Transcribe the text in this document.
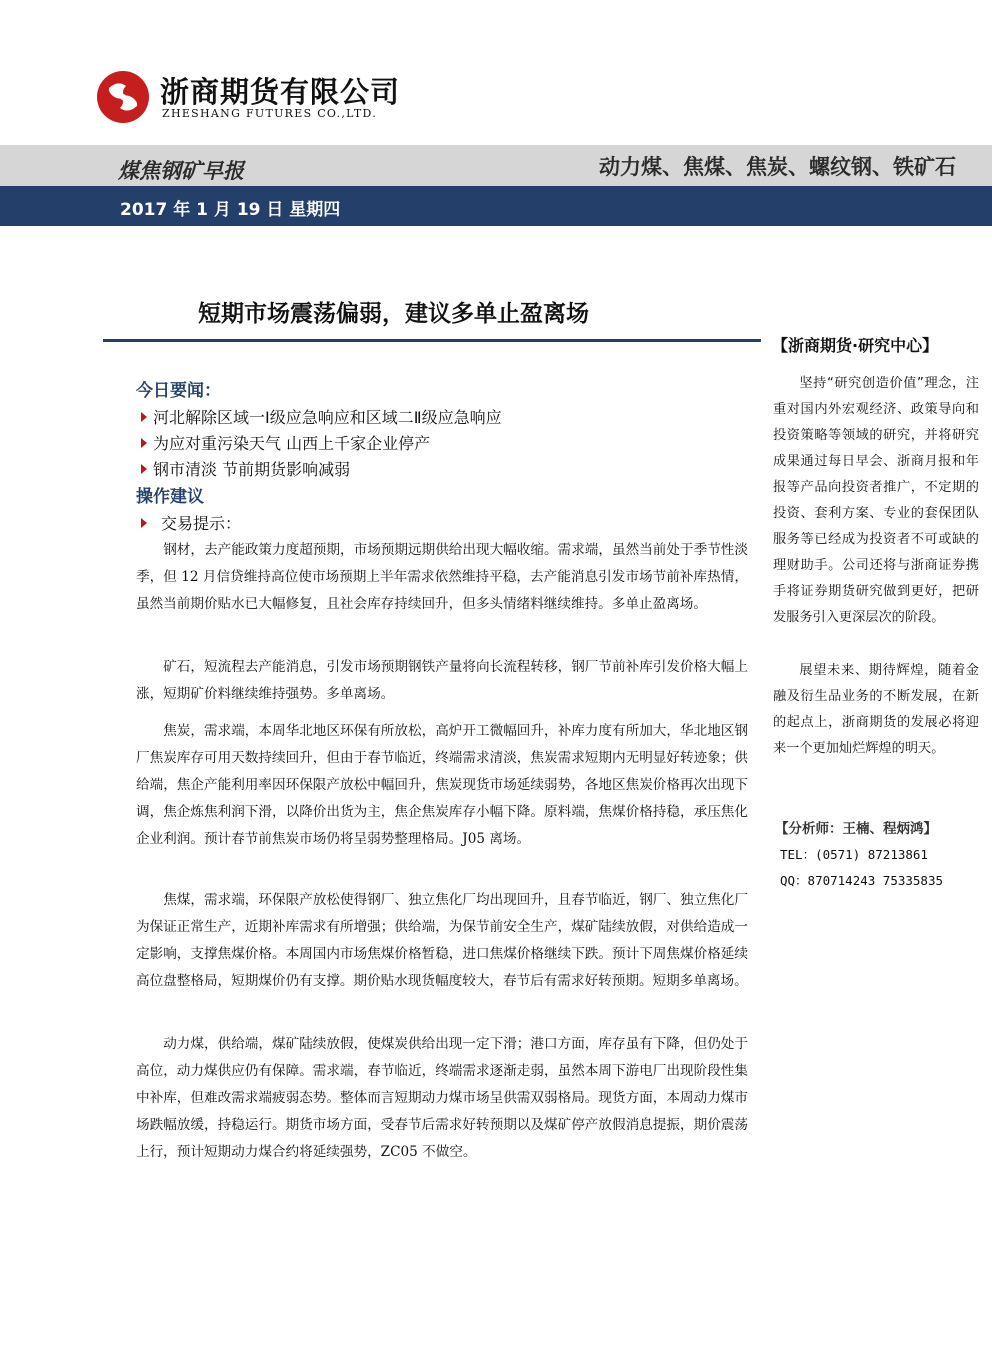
浙商期货有限公司
ZHESHANG FUTURES CO.,LTD.
煤焦钢矿早报	动力煤、焦煤、焦炭、螺纹钢、铁矿石
2017 年 1 月 19 日 星期四
短期市场震荡偏弱，建议多单止盈离场
【浙商期货·研究中心】
今日要闻：
河北解除区域一Ⅰ级应急响应和区域二Ⅱ级应急响应
为应对重污染天气 山西上千家企业停产
钢市清淡 节前期货影响减弱
操作建议
交易提示：

钢材，去产能政策力度超预期，市场预期远期供给出现大幅收缩。需求端，虽然当前处于季节性淡季，但 12 月信贷维持高位使市场预期上半年需求依然维持平稳，去产能消息引发市场节前补库热情，虽然当前期价贴水已大幅修复，且社会库存持续回升，但多头情绪料继续维持。多单止盈离场。

矿石，短流程去产能消息，引发市场预期钢铁产量将向长流程转移，钢厂节前补库引发价格大幅上涨，短期矿价料继续维持强势。多单离场。

焦炭，需求端，本周华北地区环保有所放松，高炉开工微幅回升，补库力度有所加大，华北地区钢厂焦炭库存可用天数持续回升，但由于春节临近，终端需求清淡，焦炭需求短期内无明显好转迹象；供给端，焦企产能利用率因环保限产放松中幅回升，焦炭现货市场延续弱势，各地区焦炭价格再次出现下调，焦企炼焦利润下滑，以降价出货为主，焦企焦炭库存小幅下降。原料端，焦煤价格持稳，承压焦化企业利润。预计春节前焦炭市场仍将呈弱势整理格局。J05 离场。

焦煤，需求端，环保限产放松使得钢厂、独立焦化厂均出现回升，且春节临近，钢厂、独立焦化厂为保证正常生产，近期补库需求有所增强；供给端，为保节前安全生产，煤矿陆续放假，对供给造成一定影响，支撑焦煤价格。本周国内市场焦煤价格暂稳，进口焦煤价格继续下跌。预计下周焦煤价格延续高位盘整格局，短期煤价仍有支撑。期价贴水现货幅度较大，春节后有需求好转预期。短期多单离场。

动力煤，供给端，煤矿陆续放假，使煤炭供给出现一定下滑；港口方面，库存虽有下降，但仍处于高位，动力煤供应仍有保障。需求端，春节临近，终端需求逐渐走弱，虽然本周下游电厂出现阶段性集中补库，但难改需求端疲弱态势。整体而言短期动力煤市场呈供需双弱格局。现货方面，本周动力煤市场跌幅放缓，持稳运行。期货市场方面，受春节后需求好转预期以及煤矿停产放假消息提振，期价震荡上行，预计短期动力煤合约将延续强势，ZC05 不做空。

坚持“研究创造价值”理念，注重对国内外宏观经济、政策导向和投资策略等领域的研究，并将研究成果通过每日早会、浙商月报和年报等产品向投资者推广，不定期的投资、套利方案、专业的套保团队服务等已经成为投资者不可或缺的理财助手。公司还将与浙商证券携手将证券期货研究做到更好，把研发服务引入更深层次的阶段。

展望未来、期待辉煌，随着金融及衍生品业务的不断发展，在新的起点上，浙商期货的发展必将迎来一个更加灿烂辉煌的明天。

【分析师：王楠、程炳鸿】
TEL：(0571) 87213861
QQ：870714243 75335835
